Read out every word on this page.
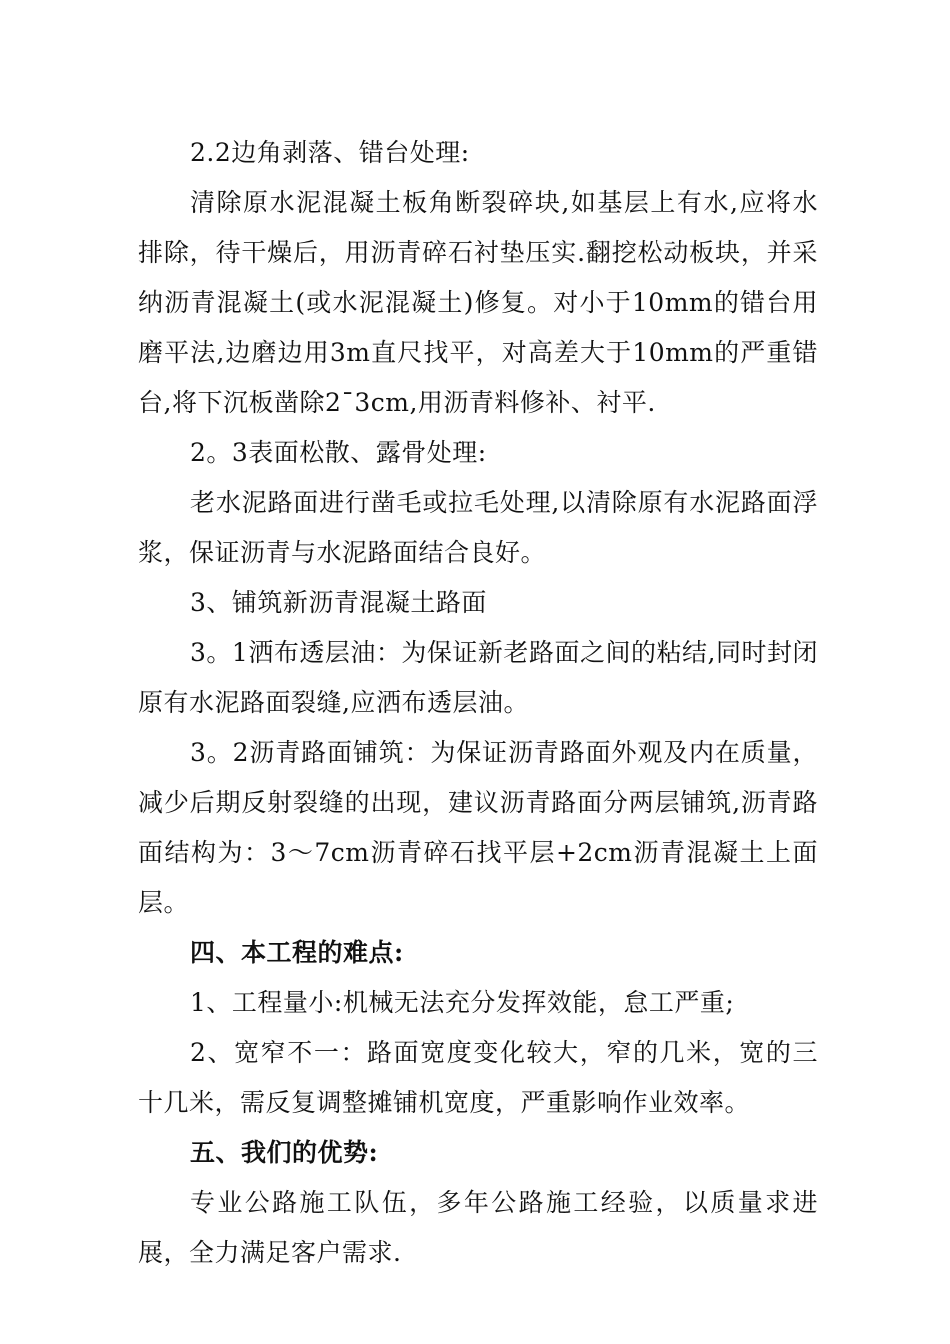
2.2边角剥落、错台处理:

清除原水泥混凝土板角断裂碎块,如基层上有水,应将水排除，待干燥后，用沥青碎石衬垫压实.翻挖松动板块，并采纳沥青混凝土(或水泥混凝土)修复。对小于10mm的错台用磨平法,边磨边用3m直尺找平，对高差大于10mm的严重错台,将下沉板凿除2¯3cm,用沥青料修补、衬平.

2。3表面松散、露骨处理:

老水泥路面进行凿毛或拉毛处理,以清除原有水泥路面浮浆，保证沥青与水泥路面结合良好。

3、铺筑新沥青混凝土路面

3。1洒布透层油：为保证新老路面之间的粘结,同时封闭原有水泥路面裂缝,应洒布透层油。

3。2沥青路面铺筑：为保证沥青路面外观及内在质量，减少后期反射裂缝的出现，建议沥青路面分两层铺筑,沥青路面结构为：3～7cm沥青碎石找平层+2cm沥青混凝土上面层。

四、本工程的难点:

1、工程量小:机械无法充分发挥效能，怠工严重;

2、宽窄不一：路面宽度变化较大，窄的几米，宽的三十几米，需反复调整摊铺机宽度，严重影响作业效率。

五、我们的优势:

专业公路施工队伍，多年公路施工经验，以质量求进展，全力满足客户需求.
